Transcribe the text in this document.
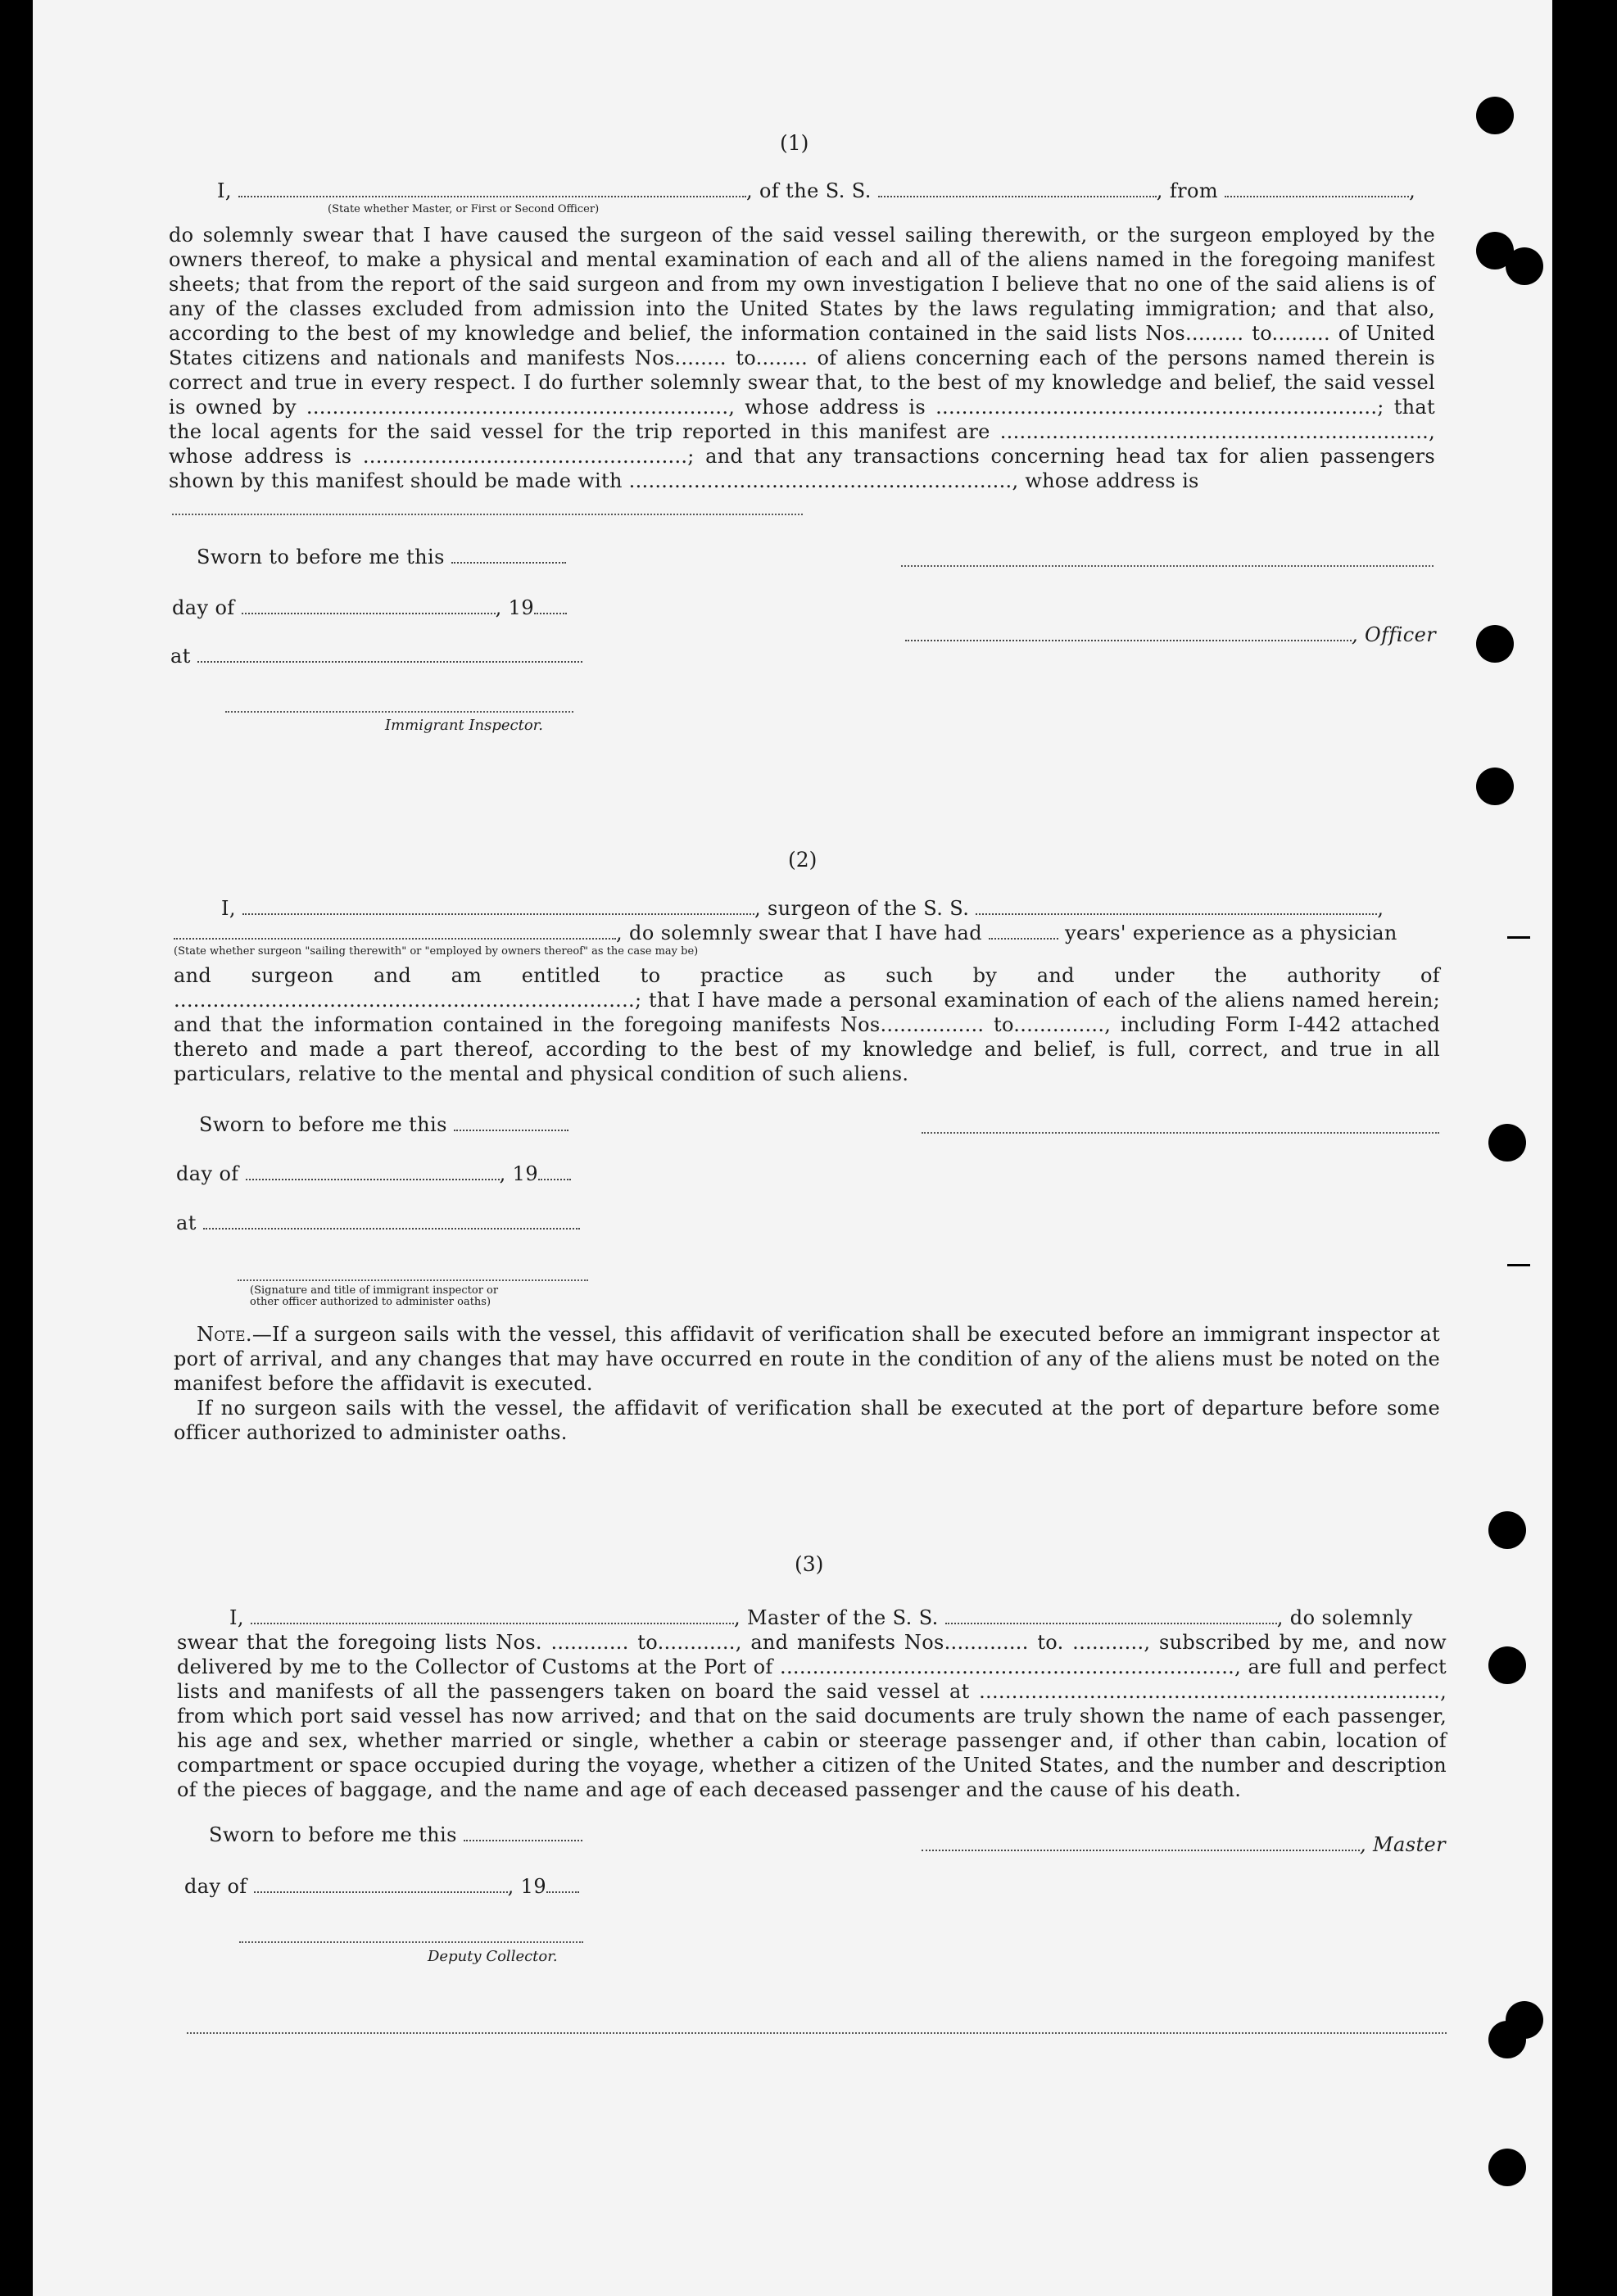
(1)
I,	, of the S. S.	, from	,
(State whether Master, or First or Second Officer)

do solemnly swear that I have caused the surgeon of the said vessel sailing therewith, or the surgeon employed by the owners thereof, to make a physical and mental examination of each and all of the aliens named in the foregoing manifest sheets; that from the report of the said surgeon and from my own investigation I believe that no one of the said aliens is of any of the classes excluded from admission into the United States by the laws regulating immigration; and that also, according to the best of my knowledge and belief, the information contained in the said lists Nos......... to......... of United States citizens and nationals and manifests Nos........ to........ of aliens concerning each of the persons named therein is correct and true in every respect. I do further solemnly swear that, to the best of my knowledge and belief, the said vessel is owned by ................................................................., whose address is ....................................................................; that the local agents for the said vessel for the trip reported in this manifest are .................................................................., whose address is ..................................................; and that any transactions concerning head tax for alien passengers shown by this manifest should be made with ..........................................................., whose address is

Sworn to before me this
day of	, 19
, Officer
at
Immigrant Inspector.
(2)
I,	, surgeon of the S. S.	,
, do solemnly swear that I have had	years' experience as a physician
(State whether surgeon "sailing therewith" or "employed by owners thereof" as the case may be)

and surgeon and am entitled to practice as such by and under the authority of .......................................................................; that I have made a personal examination of each of the aliens named herein; and that the information contained in the foregoing manifests Nos................ to.............., including Form I-442 attached thereto and made a part thereof, according to the best of my knowledge and belief, is full, correct, and true in all particulars, relative to the mental and physical condition of such aliens.

Sworn to before me this
day of	, 19
at
(Signature and title of immigrant inspector or
other officer authorized to administer oaths)

Note.—If a surgeon sails with the vessel, this affidavit of verification shall be executed before an immigrant inspector at port of arrival, and any changes that may have occurred en route in the condition of any of the aliens must be noted on the manifest before the affidavit is executed.

If no surgeon sails with the vessel, the affidavit of verification shall be executed at the port of departure before some officer authorized to administer oaths.

(3)
I,	, Master of the S. S.	, do solemnly

swear that the foregoing lists Nos. ............ to............, and manifests Nos............. to. ..........., subscribed by me, and now delivered by me to the Collector of Customs at the Port of ......................................................................, are full and perfect lists and manifests of all the passengers taken on board the said vessel at ......................................................................., from which port said vessel has now arrived; and that on the said documents are truly shown the name of each passenger, his age and sex, whether married or single, whether a cabin or steerage passenger and, if other than cabin, location of compartment or space occupied during the voyage, whether a citizen of the United States, and the number and description of the pieces of baggage, and the name and age of each deceased passenger and the cause of his death.

Sworn to before me this	, Master
day of	, 19
Deputy Collector.
